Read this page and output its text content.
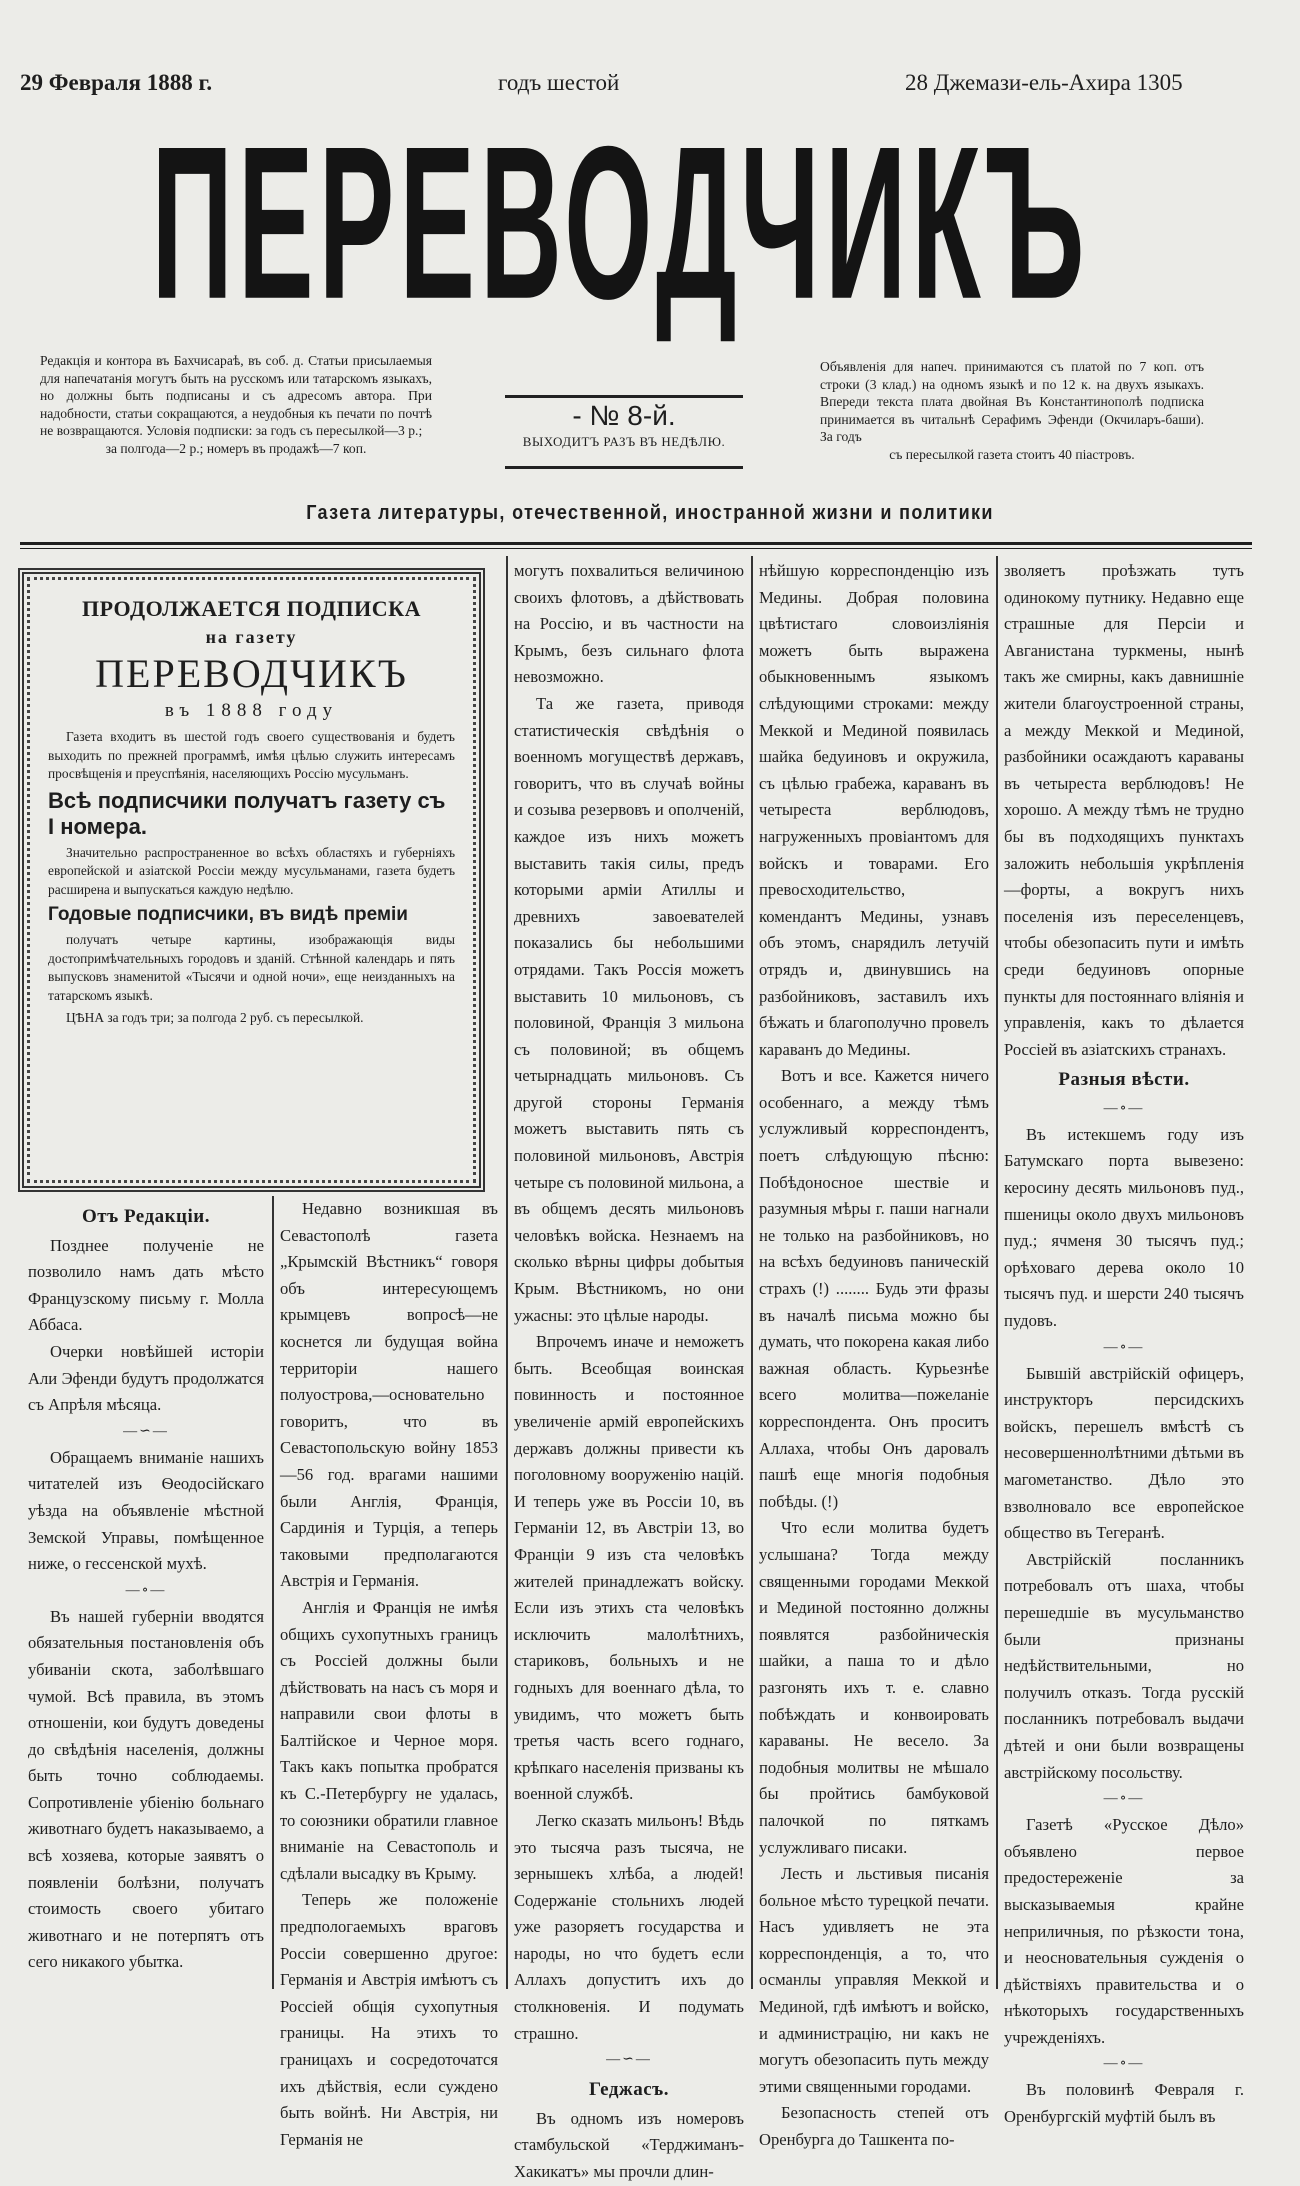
29 Февраля 1888 г.	годъ шестой	28 Джемази-ель-Ахира 1305
ПЕРЕВОДЧИКЪ
Редакція и контора въ Бахчисараѣ, въ соб. д. Статьи присылаемыя для напечатанія могутъ быть на русскомъ или татарскомъ языкахъ, но должны быть подписаны и съ адресомъ автора. При надобности, статьи сокращаются, а неудобныя къ печати по почтѣ не возвращаются. Условія подписки: за годъ съ пересылкой—3 р.;
за полгода—2 р.; номеръ въ продажѣ—7 коп.
- № 8-й.
ВЫХОДИТЪ РАЗЪ ВЪ НЕДѢЛЮ.
Объявленія для напеч. принимаются съ платой по 7 коп. отъ строки (3 клад.) на одномъ языкѣ и по 12 к. на двухъ языкахъ. Впереди текста плата двойная Въ Константинополѣ подписка принимается въ читальнѣ Серафимъ Эфенди (Окчиларъ-баши). За годъ
съ пересылкой газета стоитъ 40 піастровъ.
Газета литературы, отечественной, иностранной жизни и политики
ПРОДОЛЖАЕТСЯ ПОДПИСКА
на газету
ПЕРЕВОДЧИКЪ
въ 1888 году

Газета входитъ въ шестой годъ своего существованія и будетъ выходить по прежней программѣ, имѣя цѣлью служить интересамъ просвѣщенія и преуспѣянія, населяющихъ Россію мусульманъ.

Всѣ подписчики получатъ газету съ I номера.

Значительно распространенное во всѣхъ областяхъ и губерніяхъ европейской и азіатской Россіи между мусульманами, газета будетъ расширена и выпускаться каждую недѣлю.

Годовые подписчики, въ видѣ преміи

получатъ четыре картины, изображающія виды достопримѣчательныхъ городовъ и зданій. Стѣнной календарь и пять выпусковъ знаменитой «Тысячи и одной ночи», еще неизданныхъ на татарскомъ языкѣ.

ЦѢНА за годъ три; за полгода 2 руб. съ пересылкой.

Отъ Редакціи.

Позднее полученіе не позволило намъ дать мѣсто Французскому письму г. Молла Аббаса.

Очерки новѣйшей исторіи Али Эфенди будутъ продолжатся съ Апрѣля мѣсяца.

—∽—

Обращаемъ вниманіе нашихъ читателей изъ Ѳеодосійскаго уѣзда на объявленіе мѣстной Земской Управы, помѣщенное ниже, о гессенской мухѣ.

—∘—

Въ нашей губерніи вводятся обязательныя постановленія объ убиваніи скота, заболѣвшаго чумой. Всѣ правила, въ этомъ отношеніи, кои будутъ доведены до свѣдѣнія населенія, должны быть точно соблюдаемы. Сопротивленіе убіенію больнаго животнаго будетъ наказываемо, а всѣ хозяева, которые заявятъ о появленіи болѣзни, получатъ стоимость своего убитаго животнаго и не потерпятъ отъ сего никакого убытка.

Недавно возникшая въ Севастополѣ газета „Крымскій Вѣстникъ“ говоря объ интересующемъ крымцевъ вопросѣ—не коснется ли будущая война территоріи нашего полуострова,—основательно говоритъ, что въ Севастопольскую войну 1853—56 год. врагами нашими были Англія, Франція, Сардинія и Турція, а теперь таковыми предполагаются Австрія и Германія.

Англія и Франція не имѣя общихъ сухопутныхъ границъ съ Россіей должны были дѣйствовать на насъ съ моря и направили свои флоты в Балтійское и Черное моря. Такъ какъ попытка пробратся къ С.-Петербургу не удалась, то союзники обратили главное вниманіе на Севастополь и сдѣлали высадку въ Крыму.

Теперь же положеніе предпологаемыхъ враговъ Россіи совершенно другое: Германія и Австрія имѣютъ съ Россіей общія сухопутныя границы. На этихъ то границахъ и сосредоточатся ихъ дѣйствія, если суждено быть войнѣ. Ни Австрія, ни Германія не

могутъ похвалиться величиною своихъ флотовъ, а дѣйствовать на Россію, и въ частности на Крымъ, безъ сильнаго флота невозможно.

Та же газета, приводя статистическія свѣдѣнія о военномъ могуществѣ державъ, говоритъ, что въ случаѣ войны и созыва резервовъ и ополченій, каждое изъ нихъ можетъ выставить такія силы, предъ которыми арміи Атиллы и древнихъ завоевателей показались бы небольшими отрядами. Такъ Россія можетъ выставить 10 мильоновъ, съ половиной, Франція 3 мильона съ половиной; въ общемъ четырнадцать мильоновъ. Съ другой стороны Германія можетъ выставить пять съ половиной мильоновъ, Австрія четыре съ половиной мильона, а въ общемъ десять мильоновъ человѣкъ войска. Незнаемъ на сколько вѣрны цифры добытыя Крым. Вѣстникомъ, но они ужасны: это цѣлые народы.

Впрочемъ иначе и неможетъ быть. Всеобщая воинская повинность и постоянное увеличеніе армій европейскихъ державъ должны привести къ поголовному вооруженію націй. И теперь уже въ Россіи 10, въ Германіи 12, въ Австріи 13, во Франціи 9 изъ ста человѣкъ жителей принадлежатъ войску. Если изъ этихъ ста человѣкъ исключить малолѣтнихъ, стариковъ, больныхъ и не годныхъ для военнаго дѣла, то увидимъ, что можетъ быть третья часть всего годнаго, крѣпкаго населенія призваны къ военной службѣ.

Легко сказать мильонъ! Вѣдь это тысяча разъ тысяча, не зернышекъ хлѣба, а людей! Содержаніе стольнихъ людей уже разоряетъ государства и народы, но что будетъ если Аллахъ допуститъ ихъ до столкновенія. И подумать страшно.

—∽—
Геджасъ.

Въ одномъ изъ номеровъ стамбульской «Терджиманъ-Хакикатъ» мы прочли длин-

нѣйшую корреспонденцію изъ Медины. Добрая половина цвѣтистаго словоизліянія можетъ быть выражена обыкновеннымъ языкомъ слѣдующими строками: между Меккой и Мединой появилась шайка бедуиновъ и окружила, съ цѣлью грабежа, караванъ въ четыреста верблюдовъ, нагруженныхъ провіантомъ для войскъ и товарами. Его превосходительство, комендантъ Медины, узнавъ объ этомъ, снарядилъ летучій отрядъ и, двинувшись на разбойниковъ, заставилъ ихъ бѣжать и благополучно провелъ караванъ до Медины.

Вотъ и все. Кажется ничего особеннаго, а между тѣмъ услужливый корреспондентъ, поетъ слѣдующую пѣсню: Побѣдоносное шествіе и разумныя мѣры г. паши нагнали не только на разбойниковъ, но на всѣхъ бедуиновъ паническій страхъ (!) ........ Будь эти фразы въ началѣ письма можно бы думать, что покорена какая либо важная область. Курьезнѣе всего молитва—пожеланіе корреспондента. Онъ проситъ Аллаха, чтобы Онъ даровалъ пашѣ еще многія подобныя побѣды. (!)

Что если молитва будетъ услышана? Тогда между священными городами Меккой и Мединой постоянно должны появлятся разбойническія шайки, а паша то и дѣло разгонять ихъ т. е. славно побѣждать и конвоировать караваны. Не весело. За подобныя молитвы не мѣшало бы пройтись бамбуковой палочкой по пяткамъ услужливаго писаки.

Лесть и льстивыя писанія больное мѣсто турецкой печати. Насъ удивляетъ не эта корреспонденція, а то, что османлы управляя Меккой и Мединой, гдѣ имѣютъ и войско, и администрацію, ни какъ не могутъ обезопасить путь между этими священными городами.

Безопасность степей отъ Оренбурга до Ташкента по-

зволяетъ проѣзжать тутъ одинокому путнику. Недавно еще страшные для Персіи и Авганистана туркмены, нынѣ такъ же смирны, какъ давнишніе жители благоустроенной страны, а между Меккой и Мединой, разбойники осаждаютъ караваны въ четыреста верблюдовъ! Не хорошо. А между тѣмъ не трудно бы въ подходящихъ пунктахъ заложить небольшія укрѣпленія—форты, а вокругъ нихъ поселенія изъ переселенцевъ, чтобы обезопасить пути и имѣть среди бедуиновъ опорные пункты для постояннаго вліянія и управленія, какъ то дѣлается Россіей въ азіатскихъ странахъ.

Разныя вѣсти.
—∘—

Въ истекшемъ году изъ Батумскаго порта вывезено: керосину десять мильоновъ пуд., пшеницы около двухъ мильоновъ пуд.; ячменя 30 тысячъ пуд.; орѣховаго дерева около 10 тысячъ пуд. и шерсти 240 тысячъ пудовъ.

—∘—

Бывшій австрійскій офицеръ, инструкторъ персидскихъ войскъ, перешелъ вмѣстѣ съ несовершеннолѣтними дѣтьми въ магометанство. Дѣло это взволновало все европейское общество въ Тегеранѣ.

Австрійскій посланникъ потребовалъ отъ шаха, чтобы перешедшіе въ мусульманство были признаны недѣйствительными, но получилъ отказъ. Тогда русскій посланникъ потребовалъ выдачи дѣтей и они были возвращены австрійскому посольству.

—∘—

Газетѣ «Русское Дѣло» объявлено первое предостереженіе за высказываемыя крайне неприличныя, по рѣзкости тона, и неосновательныя сужденія о дѣйствіяхъ правительства и о нѣкоторыхъ государственныхъ учрежденіяхъ.

—∘—

Въ половинѣ Февраля г. Оренбургскій муфтій былъ въ
